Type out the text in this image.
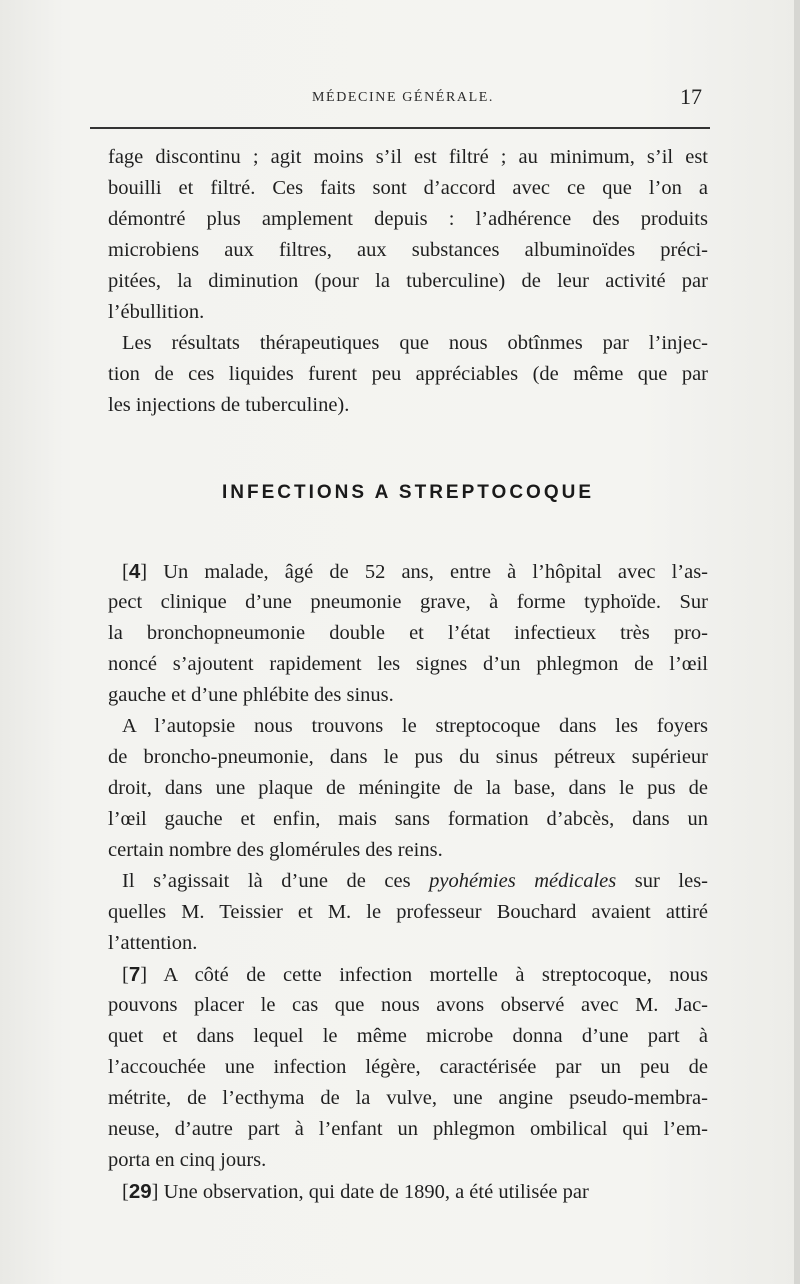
MÉDECINE GÉNÉRALE.	17
fage discontinu ; agit moins s’il est filtré ; au minimum, s’il est
bouilli et filtré. Ces faits sont d’accord avec ce que l’on a
démontré plus amplement depuis : l’adhérence des produits
microbiens aux filtres, aux substances albuminoïdes préci-
pitées, la diminution (pour la tuberculine) de leur activité par
l’ébullition.
Les résultats thérapeutiques que nous obtînmes par l’injec-
tion de ces liquides furent peu appréciables (de même que par
les injections de tuberculine).
INFECTIONS A STREPTOCOQUE
[4] Un malade, âgé de 52 ans, entre à l’hôpital avec l’as-
pect clinique d’une pneumonie grave, à forme typhoïde. Sur
la bronchopneumonie double et l’état infectieux très pro-
noncé s’ajoutent rapidement les signes d’un phlegmon de l’œil
gauche et d’une phlébite des sinus.
A l’autopsie nous trouvons le streptocoque dans les foyers
de broncho-pneumonie, dans le pus du sinus pétreux supérieur
droit, dans une plaque de méningite de la base, dans le pus de
l’œil gauche et enfin, mais sans formation d’abcès, dans un
certain nombre des glomérules des reins.
Il s’agissait là d’une de ces pyohémies médicales sur les-
quelles M. Teissier et M. le professeur Bouchard avaient attiré
l’attention.
[7] A côté de cette infection mortelle à streptocoque, nous
pouvons placer le cas que nous avons observé avec M. Jac-
quet et dans lequel le même microbe donna d’une part à
l’accouchée une infection légère, caractérisée par un peu de
métrite, de l’ecthyma de la vulve, une angine pseudo-membra-
neuse, d’autre part à l’enfant un phlegmon ombilical qui l’em-
porta en cinq jours.
[29] Une observation, qui date de 1890, a été utilisée par
